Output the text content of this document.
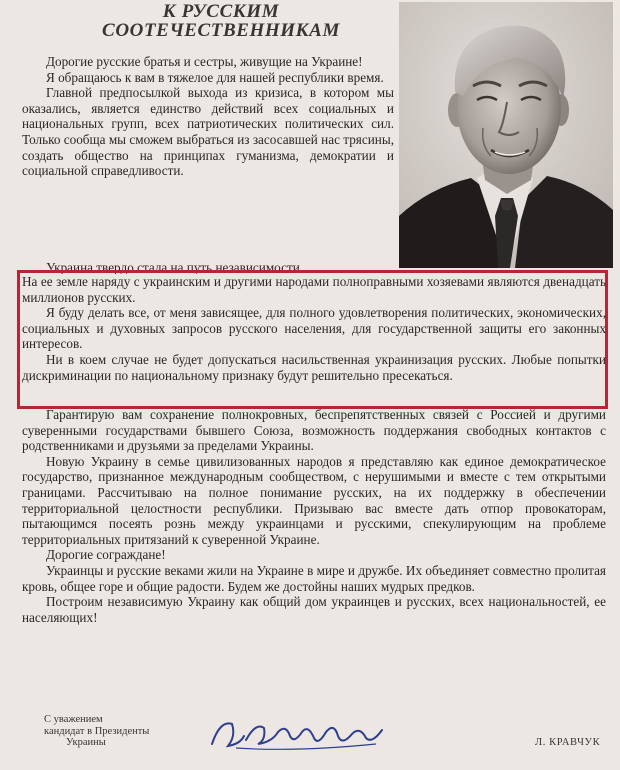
К РУССКИМ
СООТЕЧЕСТВЕННИКАМ

Дорогие русские братья и сестры, живущие на Украине!

Я обращаюсь к вам в тяжелое для нашей республики время.

Главной предпосылкой выхода из кризиса, в котором мы оказались, является единство действий всех социальных и национальных групп, всех патриотических политических сил. Только сообща мы сможем выбраться из засосавшей нас трясины, создать общество на принципах гуманизма, демократии и социальной справедливости.

Украина твердо стала на путь независимости.

На ее земле наряду с украинским и другими народами полноправными хозяевами являются двенадцать миллионов русских.

Я буду делать все, от меня зависящее, для полного удовлетворения политических, экономических, социальных и духовных запросов русского населения, для государственной защиты его законных интересов.

Ни в коем случае не будет допускаться насильственная украинизация русских. Любые попытки дискриминации по национальному признаку будут решительно пресекаться.

Гарантирую вам сохранение полнокровных, беспрепятственных связей с Россией и другими суверенными государствами бывшего Союза, возможность поддержания свободных контактов с родственниками и друзьями за пределами Украины.

Новую Украину в семье цивилизованных народов я представляю как единое демократическое государство, признанное международным сообществом, с нерушимыми и вместе с тем открытыми границами. Рассчитываю на полное понимание русских, на их поддержку в обеспечении территориальной целостности республики. Призываю вас вместе дать отпор провокаторам, пытающимся посеять рознь между украинцами и русскими, спекулирующим на проблеме территориальных притязаний к суверенной Украине.

Дорогие сограждане!

Украинцы и русские веками жили на Украине в мире и дружбе. Их объединяет совместно пролитая кровь, общее горе и общие радости. Будем же достойны наших мудрых предков.

Построим независимую Украину как общий дом украинцев и русских, всех национальностей, ее населяющих!

С уважением
кандидат в Президенты
Украины	Л. КРАВЧУК
